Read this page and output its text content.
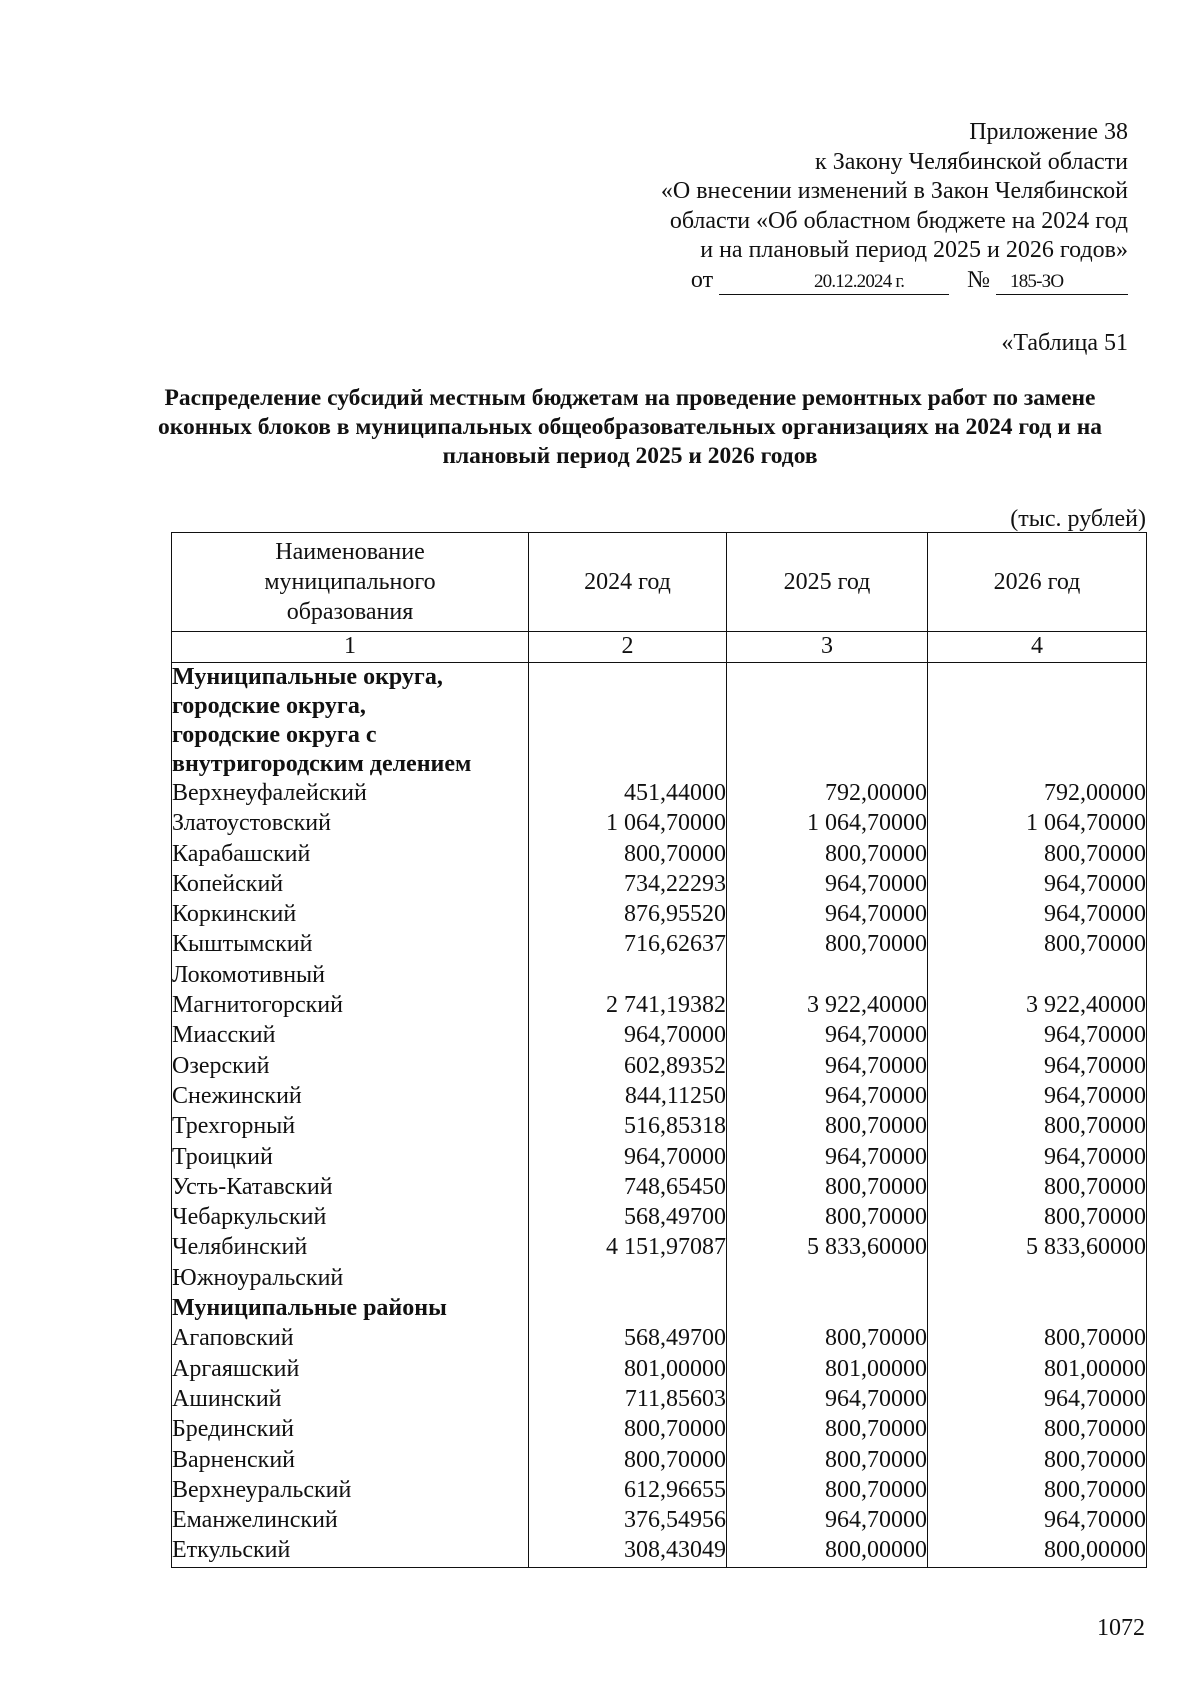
Приложение 38
к Закону Челябинской области
«О внесении изменений в Закон Челябинской
области «Об областном бюджете на 2024 год
и на плановый период 2025 и 2026 годов»
от	20.12.2024 г.	№ 185-ЗО
«Таблица 51
Распределение субсидий местным бюджетам на проведение ремонтных работ по замене оконных блоков в муниципальных общеобразовательных организациях на 2024 год и на плановый период 2025 и 2026 годов
(тыс. рублей)
Наименование муниципального образования	2024 год	2025 год	2026 год
1	2	3	4

Муниципальные округа,
городские округа,
городские округа с
внутригородским делением			

Верхнеуфалейский	451,44000	792,00000	792,00000
Златоустовский	1 064,70000	1 064,70000	1 064,70000
Карабашский	800,70000	800,70000	800,70000
Копейский	734,22293	964,70000	964,70000
Коркинский	876,95520	964,70000	964,70000
Кыштымский	716,62637	800,70000	800,70000
Локомотивный			
Магнитогорский	2 741,19382	3 922,40000	3 922,40000
Миасский	964,70000	964,70000	964,70000
Озерский	602,89352	964,70000	964,70000
Снежинский	844,11250	964,70000	964,70000
Трехгорный	516,85318	800,70000	800,70000
Троицкий	964,70000	964,70000	964,70000
Усть-Катавский	748,65450	800,70000	800,70000
Чебаркульский	568,49700	800,70000	800,70000
Челябинский	4 151,97087	5 833,60000	5 833,60000
Южноуральский			

Муниципальные районы			

Агаповский	568,49700	800,70000	800,70000
Аргаяшский	801,00000	801,00000	801,00000
Ашинский	711,85603	964,70000	964,70000
Брединский	800,70000	800,70000	800,70000
Варненский	800,70000	800,70000	800,70000
Верхнеуральский	612,96655	800,70000	800,70000
Еманжелинский	376,54956	964,70000	964,70000
Еткульский	308,43049	800,00000	800,00000
1072
